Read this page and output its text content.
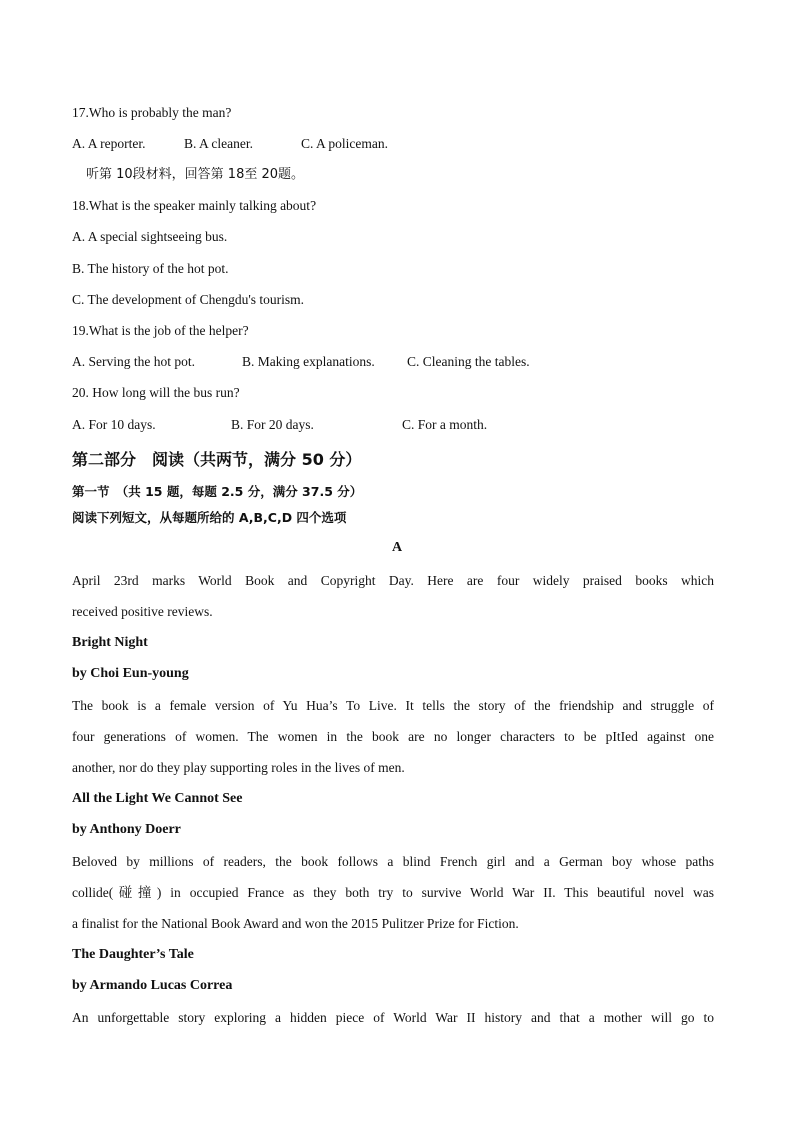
17.Who is probably the man?
A. A reporter.	B. A cleaner.	C. A policeman.
听第 10段材料，回答第 18至 20题。
18.What is the speaker mainly talking about?
A. A special sightseeing bus.
B. The history of the hot pot.
C. The development of Chengdu's tourism.
19.What is the job of the helper?
A. Serving the hot pot.	B. Making explanations. C. Cleaning the tables.
20. How long will the bus run?
A. For 10 days.	B. For 20 days.	C. For a month.
第二部分　阅读（共两节，满分 50 分）
第一节　（共 15 题，每题 2.5 分，满分 37.5 分）
阅读下列短文，从每题所给的 A,B,C,D 四个选项
A
April 23rd marks World Book and Copyright Day. Here are four widely praised books which
received positive reviews.
Bright Night
by Choi Eun-young
The book is a female version of Yu Hua’s To Live. It tells the story of the friendship and struggle of
four generations of women. The women in the book are no longer characters to be pItIed against one
another, nor do they play supporting roles in the lives of men.
All the Light We Cannot See
by Anthony Doerr
Beloved by millions of readers, the book follows a blind French girl and a German boy whose paths
collide(碰撞) in occupied France as they both try to survive World War II. This beautiful novel was
a finalist for the National Book Award and won the 2015 Pulitzer Prize for Fiction.
The Daughter’s Tale
by Armando Lucas Correa
An unforgettable story exploring a hidden piece of World War II history and that a mother will go to
